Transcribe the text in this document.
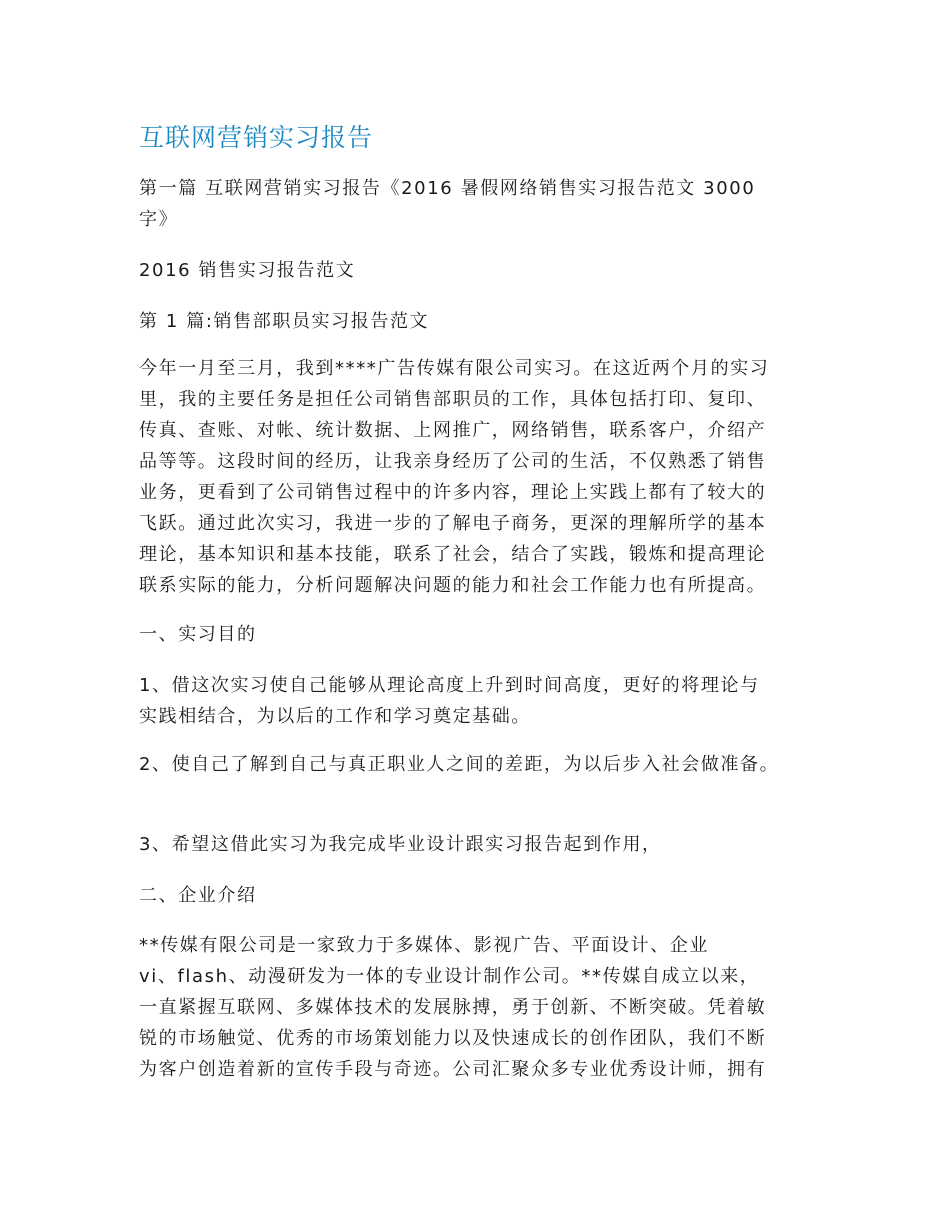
互联网营销实习报告
第一篇 互联网营销实习报告《2016 暑假网络销售实习报告范文 3000
字》
2016 销售实习报告范文
第 1 篇:销售部职员实习报告范文
今年一月至三月，我到****广告传媒有限公司实习。在这近两个月的实习
里，我的主要任务是担任公司销售部职员的工作，具体包括打印、复印、
传真、查账、对帐、统计数据、上网推广，网络销售，联系客户，介绍产
品等等。这段时间的经历，让我亲身经历了公司的生活，不仅熟悉了销售
业务，更看到了公司销售过程中的许多内容，理论上实践上都有了较大的
飞跃。通过此次实习，我进一步的了解电子商务，更深的理解所学的基本
理论，基本知识和基本技能，联系了社会，结合了实践，锻炼和提高理论
联系实际的能力，分析问题解决问题的能力和社会工作能力也有所提高。
一、实习目的
1、借这次实习使自己能够从理论高度上升到时间高度，更好的将理论与
实践相结合，为以后的工作和学习奠定基础。
2、使自己了解到自己与真正职业人之间的差距，为以后步入社会做准备。
3、希望这借此实习为我完成毕业设计跟实习报告起到作用，
二、企业介绍
**传媒有限公司是一家致力于多媒体、影视广告、平面设计、企业
vi、flash、动漫研发为一体的专业设计制作公司。**传媒自成立以来，
一直紧握互联网、多媒体技术的发展脉搏，勇于创新、不断突破。凭着敏
锐的市场触觉、优秀的市场策划能力以及快速成长的创作团队，我们不断
为客户创造着新的宣传手段与奇迹。公司汇聚众多专业优秀设计师，拥有
